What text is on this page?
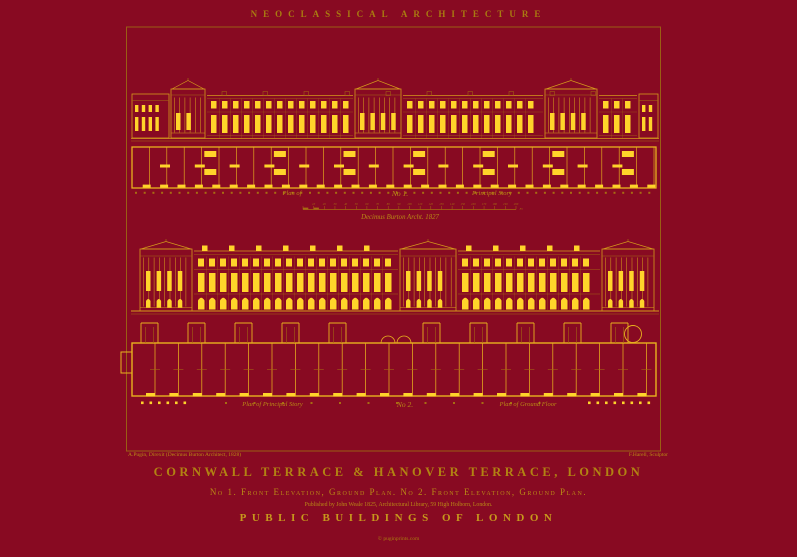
NEOCLASSICAL ARCHITECTURE
10	20	30	40	50	60	70	80	90 100 110 120 130 140 150 160 170 180 190 200
Ft
Plan of	No 1.	Principal Story
Decimus Burton Archt. 1827
Plan of Principal Story	No 2.	Plan of Ground Floor
A.Pugin, Direxit (Decimus Burton Architect, 1828)	F.Harell, Sculptor
CORNWALL TERRACE & HANOVER TERRACE, LONDON
No 1. Front Elevation, Ground Plan. No 2. Front Elevation, Ground Plan.
Published by John Weale 1825, Architectural Library, 59 High Holborn, London.
PUBLIC BUILDINGS OF LONDON
© puginprints.com
